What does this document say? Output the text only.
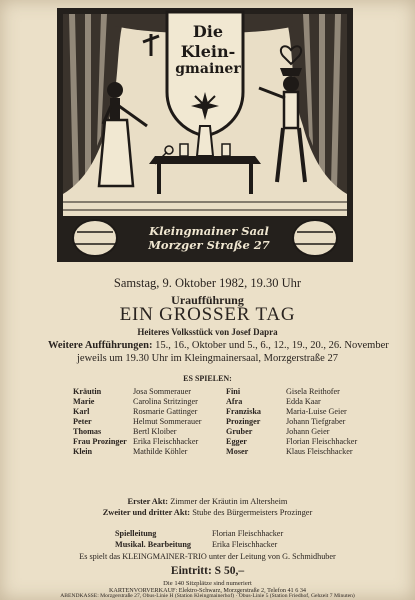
Die
Klein-
gmainer
Kleingmainer Saal
Morzger Straße 27
Samstag, 9. Oktober 1982, 19.30 Uhr
Uraufführung
EIN GROSSER TAG
Heiteres Volksstück von Josef Dapra
Weitere Aufführungen: 15., 16., Oktober und 5., 6., 12., 19., 20., 26. November
jeweils um 19.30 Uhr im Kleingmainersaal, Morzgerstraße 27
ES SPIELEN:
Kräutin
Marie
Karl
Peter
Thomas
Frau Prozinger
Klein
Josa Sommerauer
Carolina Stritzinger
Rosmarie Gattinger
Helmut Sommerauer
Bertl Kloiber
Erika Fleischhacker
Mathilde Köhler
Fini
Afra
Franziska
Prozinger
Gruber
Egger
Moser
Gisela Reithofer
Edda Kaar
Maria-Luise Geier
Johann Tiefgraber
Johann Geier
Florian Fleischhacker
Klaus Fleischhacker
Erster Akt: Zimmer der Kräutin im Altersheim
Zweiter und dritter Akt: Stube des Bürgermeisters Prozinger
Spielleitung
Musikal. Bearbeitung
Florian Fleischhacker
Erika Fleischhacker
Es spielt das KLEINGMAINER-TRIO unter der Leitung von G. Schmidhuber
Eintritt: S 50,–
Die 140 Sitzplätze sind numeriert
KARTENVORVERKAUF: Elektro-Schwarz, Morzgerstraße 2, Telefon 41 6 34
ABENDKASSE: Morzgerstraße 27, Obus-Linie H (Station Kleingmainerhof) · Obus-Linie 5 (Station Friedhof, Gehzeit 7 Minuten)
